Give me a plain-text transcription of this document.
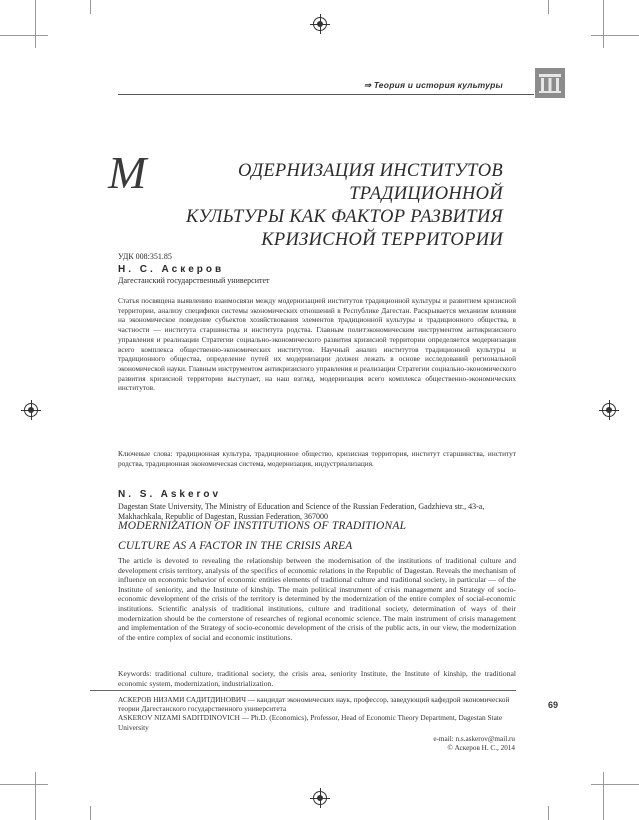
⇒ Теория и история культуры
М	ОДЕРНИЗАЦИЯ ИНСТИТУТОВ ТРАДИЦИОННОЙ
КУЛЬТУРЫ КАК ФАКТОР РАЗВИТИЯ
КРИЗИСНОЙ ТЕРРИТОРИИ
УДК 008:351.85
Н. С. Аскеров
Дагестанский государственный университет

Статья посвящена выявлению взаимосвязи между модернизацией институтов традиционной культуры и развитием кризисной территории, анализу специфики системы экономических отношений в Республике Дагестан. Раскрывается механизм влияния на экономическое поведение субъектов хозяйствования элементов традиционной культуры и традиционного общества, в частности — института старшинства и института родства. Главным политэкономическим инструментом антикризисного управления и реализации Стратегии социально-экономического развития кризисной территории определяется модернизация всего комплекса общественно-экономических институтов. Научный анализ институтов традиционной культуры и традиционного общества, определение путей их модернизации должен лежать в основе исследований региональной экономической науки. Главным инструментом антикризисного управления и реализации Стратегии социально-экономического развития кризисной территории выступает, на наш взгляд, модернизация всего комплекса общественно-экономических институтов.

Ключевые слова: традиционная культура, традиционное общество, кризисная территория, институт старшинства, институт родства, традиционная экономическая система, модернизация, индустриализация.

N. S. Askerov
Dagestan State University, The Ministry of Education and Science of the Russian Federation, Gadzhieva str., 43-a, Makhachkala, Republic of Dagestan, Russian Federation, 367000
MODERNIZATION OF INSTITUTIONS OF TRADITIONAL
CULTURE AS A FACTOR IN THE CRISIS AREA

The article is devoted to revealing the relationship between the modernisation of the institutions of traditional culture and development crisis territory, analysis of the specifics of economic relations in the Republic of Dagestan. Reveals the mechanism of influence on economic behavior of economic entities elements of traditional culture and traditional society, in particular — of the Institute of seniority, and the Institute of kinship. The main political instrument of crisis management and Strategy of socio-economic development of the crisis of the territory is determined by the modernization of the entire complex of social-economic institutions. Scientific analysis of traditional institutions, culture and traditional society, determination of ways of their modernization should be the cornerstone of researches of regional economic science. The main instrument of crisis management and implementation of the Strategy of socio-economic development of the crisis of the public acts, in our view, the modernization of the entire complex of social and economic institutions.

Keywords: traditional culture, traditional society, the crisis area, seniority Institute, the Institute of kinship, the traditional economic system, modernization, industrialization.

АСКЕРОВ НИЗАМИ САДИТДИНОВИЧ — кандидат экономических наук, профессор, заведующий кафедрой экономической теории Дагестанского государственного университета

ASKEROV NIZAMI SADITDINOVICH — Ph.D. (Economics), Professor, Head of Economic Theory Department, Dagestan State University

e-mail: n.s.askerov@mail.ru

© Аскеров Н. С., 2014

69
